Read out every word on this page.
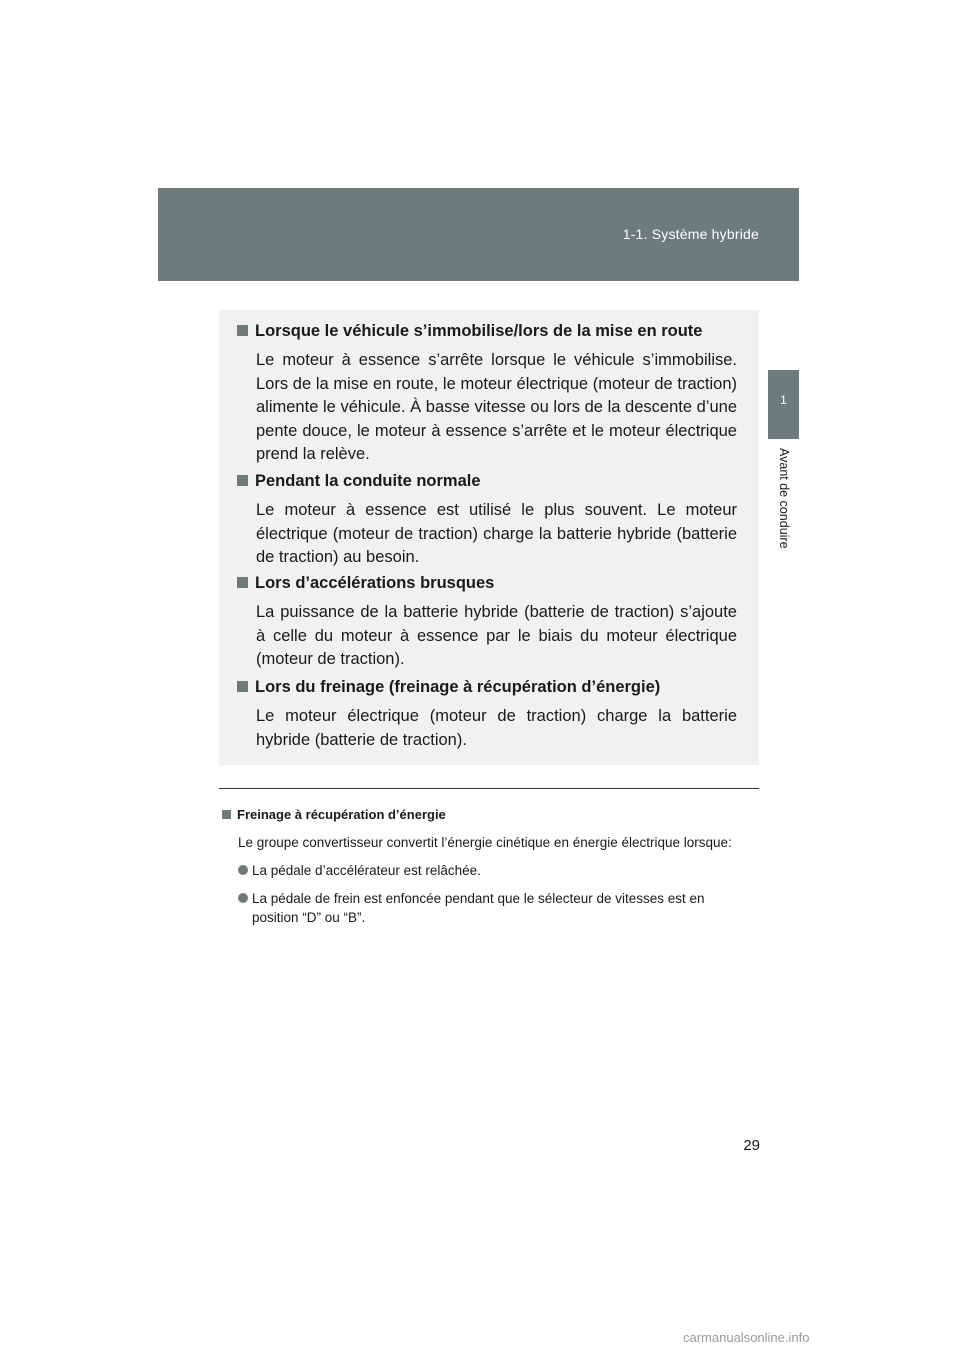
1-1. Système hybride
1
Avant de conduire
Lorsque le véhicule s’immobilise/lors de la mise en route
Le moteur à essence s’arrête lorsque le véhicule s’immobilise. Lors de la mise en route, le moteur électrique (moteur de traction) alimente le véhicule. À basse vitesse ou lors de la descente d’une pente douce, le moteur à essence s’arrête et le moteur électrique prend la relève.
Pendant la conduite normale
Le moteur à essence est utilisé le plus souvent. Le moteur électrique (moteur de traction) charge la batterie hybride (batterie de traction) au besoin.
Lors d’accélérations brusques
La puissance de la batterie hybride (batterie de traction) s’ajoute à celle du moteur à essence par le biais du moteur électrique (moteur de traction).
Lors du freinage (freinage à récupération d’énergie)
Le moteur électrique (moteur de traction) charge la batterie hybride (batterie de traction).
Freinage à récupération d’énergie
Le groupe convertisseur convertit l’énergie cinétique en énergie électrique lorsque:
La pédale d’accélérateur est relâchée.
La pédale de frein est enfoncée pendant que le sélecteur de vitesses est en position “D” ou “B”.
29
carmanualsonline.info
